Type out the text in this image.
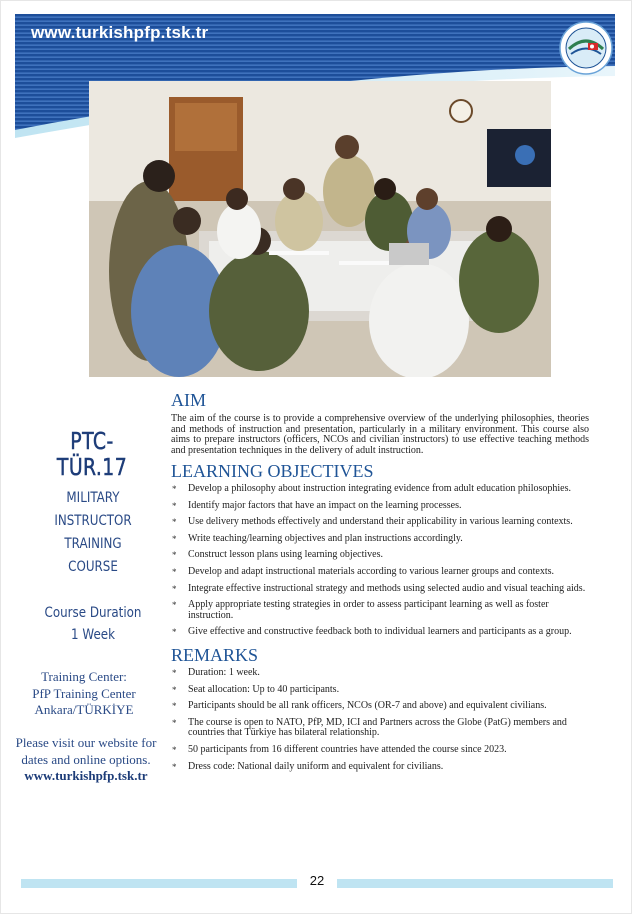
www.turkishpfp.tsk.tr
PTC-TÜR.17
MILITARY
INSTRUCTOR
TRAINING
COURSE
Course Duration
1 Week
Training Center:
PfP Training Center
Ankara/TÜRKİYE
Please visit our website for dates and online options.
www.turkishpfp.tsk.tr
AIM
The aim of the course is to provide a comprehensive overview of the underlying philosophies, theories and methods of instruction and presentation, particularly in a military environment. This course also aims to prepare instructors (officers, NCOs and civilian instructors) to use effective teaching methods and presentation techniques in the delivery of adult instruction.
LEARNING OBJECTIVES
* Develop a philosophy about instruction integrating evidence from adult education philosophies.
* Identify major factors that have an impact on the learning processes.
* Use delivery methods effectively and understand their applicability in various learning contexts.
* Write teaching/learning objectives and plan instructions accordingly.
* Construct lesson plans using learning objectives.
* Develop and adapt instructional materials according to various learner groups and contexts.
* Integrate effective instructional strategy and methods using selected audio and visual teaching aids.
* Apply appropriate testing strategies in order to assess participant learning as well as foster instruction.
* Give effective and constructive feedback both to individual learners and participants as a group.
REMARKS
* Duration: 1 week.
* Seat allocation: Up to 40 participants.
* Participants should be all rank officers, NCOs (OR-7 and above) and equivalent civilians.
* The course is open to NATO, PfP, MD, ICI and Partners across the Globe (PatG) members and countries that Türkiye has bilateral relationship.
* 50 participants from 16 different countries have attended the course since 2023.
* Dress code: National daily uniform and equivalent for civilians.
22
